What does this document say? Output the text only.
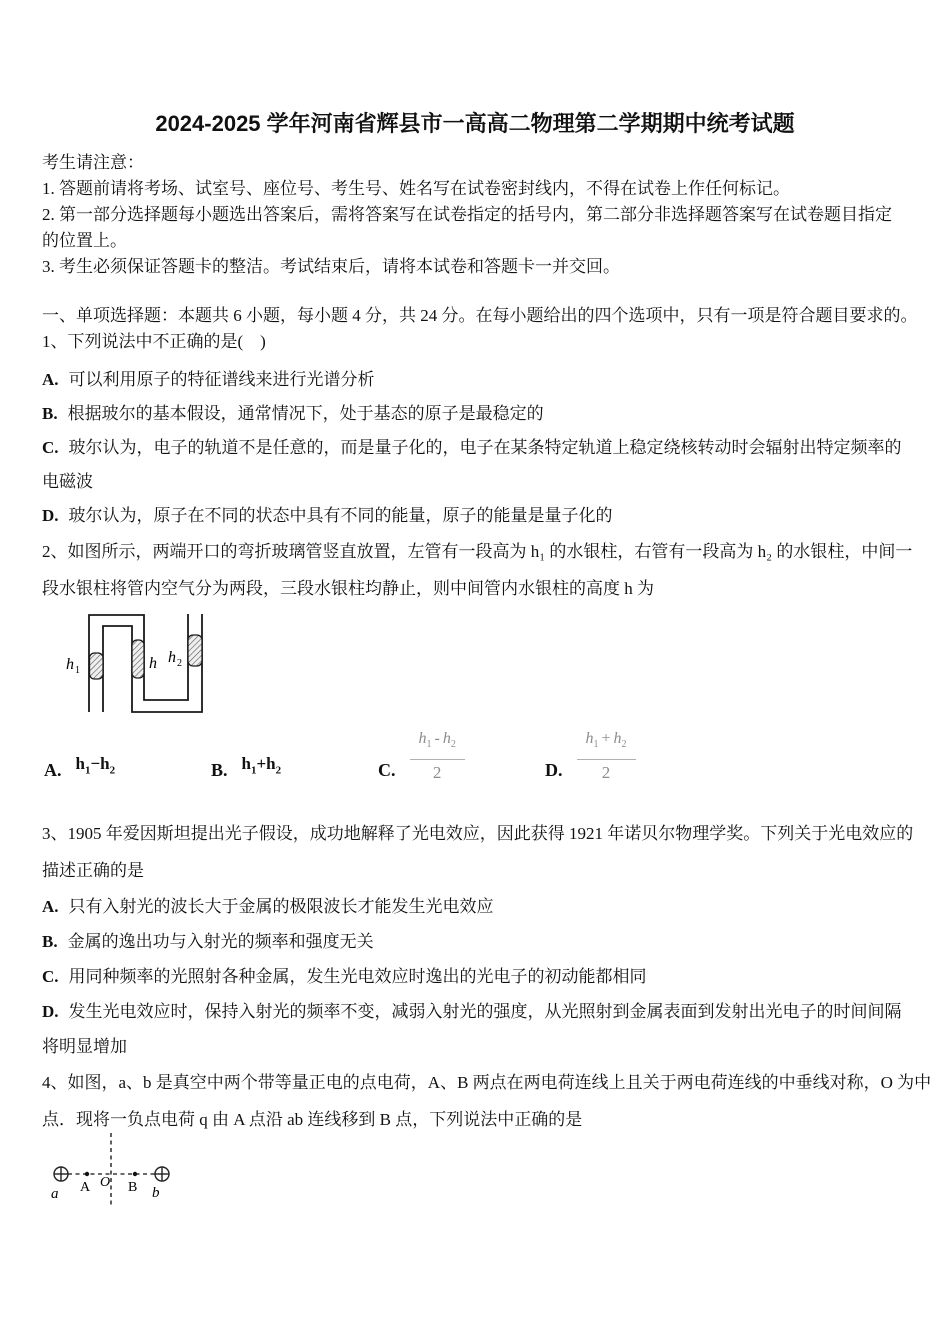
2024-2025 学年河南省辉县市一高高二物理第二学期期中统考试题
考生请注意：
1. 答题前请将考场、试室号、座位号、考生号、姓名写在试卷密封线内，不得在试卷上作任何标记。
2. 第一部分选择题每小题选出答案后，需将答案写在试卷指定的括号内，第二部分非选择题答案写在试卷题目指定
的位置上。
3. 考生必须保证答题卡的整洁。考试结束后，请将本试卷和答题卡一并交回。
一、单项选择题：本题共 6 小题，每小题 4 分，共 24 分。在每小题给出的四个选项中，只有一项是符合题目要求的。
1、下列说法中不正确的是(　)
A. 可以利用原子的特征谱线来进行光谱分析
B. 根据玻尔的基本假设，通常情况下，处于基态的原子是最稳定的
C. 玻尔认为，电子的轨道不是任意的，而是量子化的，电子在某条特定轨道上稳定绕核转动时会辐射出特定频率的
电磁波
D. 玻尔认为，原子在不同的状态中具有不同的能量，原子的能量是量子化的
2、如图所示，两端开口的弯折玻璃管竖直放置，左管有一段高为 h₁ 的水银柱，右管有一段高为 h₂ 的水银柱，中间一
段水银柱将管内空气分为两段，三段水银柱均静止，则中间管内水银柱的高度 h 为
h 1	h h 2
A. $h_1-h_2$	B. $h_1+h_2$	C. $\frac{h_1 - h_2}{2}$	D. $\frac{h_1 + h_2}{2}$
3、1905 年爱因斯坦提出光子假设，成功地解释了光电效应，因此获得 1921 年诺贝尔物理学奖。下列关于光电效应的
描述正确的是
A. 只有入射光的波长大于金属的极限波长才能发生光电效应
B. 金属的逸出功与入射光的频率和强度无关
C. 用同种频率的光照射各种金属，发生光电效应时逸出的光电子的初动能都相同
D. 发生光电效应时，保持入射光的频率不变，减弱入射光的强度，从光照射到金属表面到发射出光电子的时间间隔
将明显增加
4、如图，a、b 是真空中两个带等量正电的点电荷，A、B 两点在两电荷连线上且关于两电荷连线的中垂线对称，O 为中
点．现将一负点电荷 q 由 A 点沿 ab 连线移到 B 点，下列说法中正确的是
a A O B b
